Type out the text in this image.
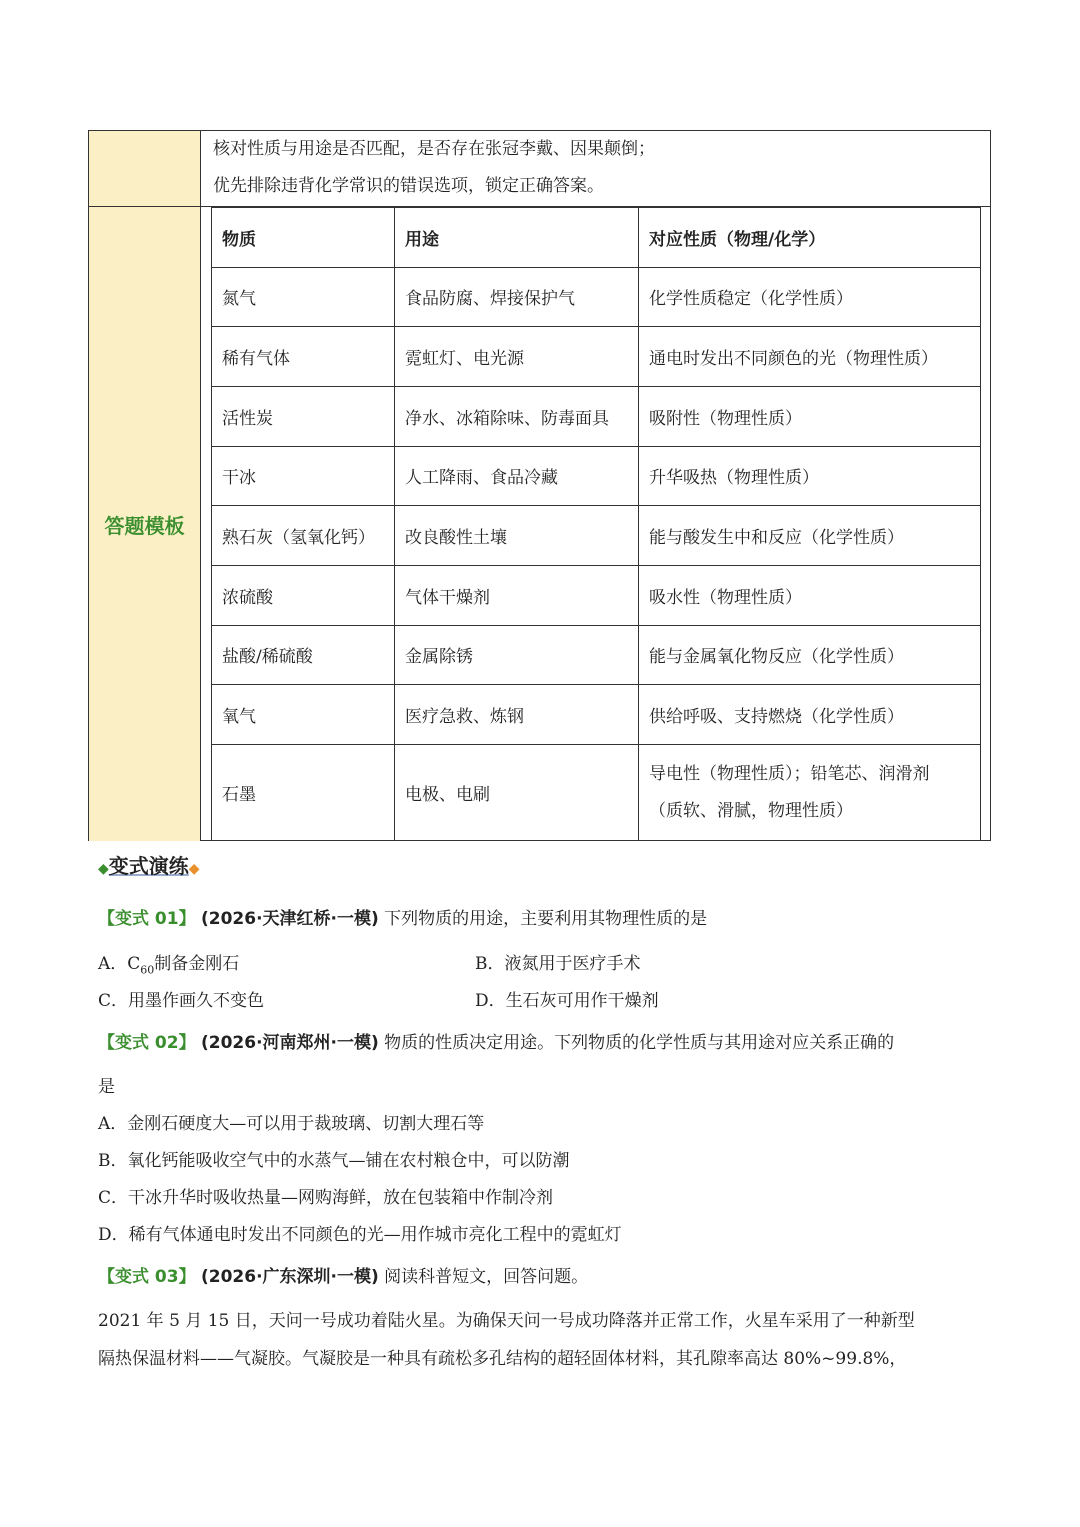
答题模板
核对性质与用途是否匹配，是否存在张冠李戴、因果颠倒；
优先排除违背化学常识的错误选项，锁定正确答案。
物质	用途	对应性质（物理/化学）
氮气	食品防腐、焊接保护气	化学性质稳定（化学性质）
稀有气体	霓虹灯、电光源	通电时发出不同颜色的光（物理性质）
活性炭	净水、冰箱除味、防毒面具	吸附性（物理性质）
干冰	人工降雨、食品冷藏	升华吸热（物理性质）
熟石灰（氢氧化钙）	改良酸性土壤	能与酸发生中和反应（化学性质）
浓硫酸	气体干燥剂	吸水性（物理性质）
盐酸/稀硫酸	金属除锈	能与金属氧化物反应（化学性质）
氧气	医疗急救、炼钢	供给呼吸、支持燃烧（化学性质）
石墨	电极、电刷	导电性（物理性质）；铅笔芯、润滑剂
（质软、滑腻，物理性质）
◆变式演练◆
【变式 01】 (2026·天津红桥·一模) 下列物质的用途，主要利用其物理性质的是
A．$C_{60}$制备金刚石	B．液氮用于医疗手术
C．用墨作画久不变色	D．生石灰可用作干燥剂
【变式 02】 (2026·河南郑州·一模) 物质的性质决定用途。下列物质的化学性质与其用途对应关系正确的
是
A．金刚石硬度大—可以用于裁玻璃、切割大理石等
B．氧化钙能吸收空气中的水蒸气—铺在农村粮仓中，可以防潮
C．干冰升华时吸收热量—网购海鲜，放在包装箱中作制冷剂
D．稀有气体通电时发出不同颜色的光—用作城市亮化工程中的霓虹灯
【变式 03】 (2026·广东深圳·一模) 阅读科普短文，回答问题。
2021 年 5 月 15 日，天问一号成功着陆火星。为确保天问一号成功降落并正常工作，火星车采用了一种新型
隔热保温材料——气凝胶。气凝胶是一种具有疏松多孔结构的超轻固体材料，其孔隙率高达 80%~99.8%，
